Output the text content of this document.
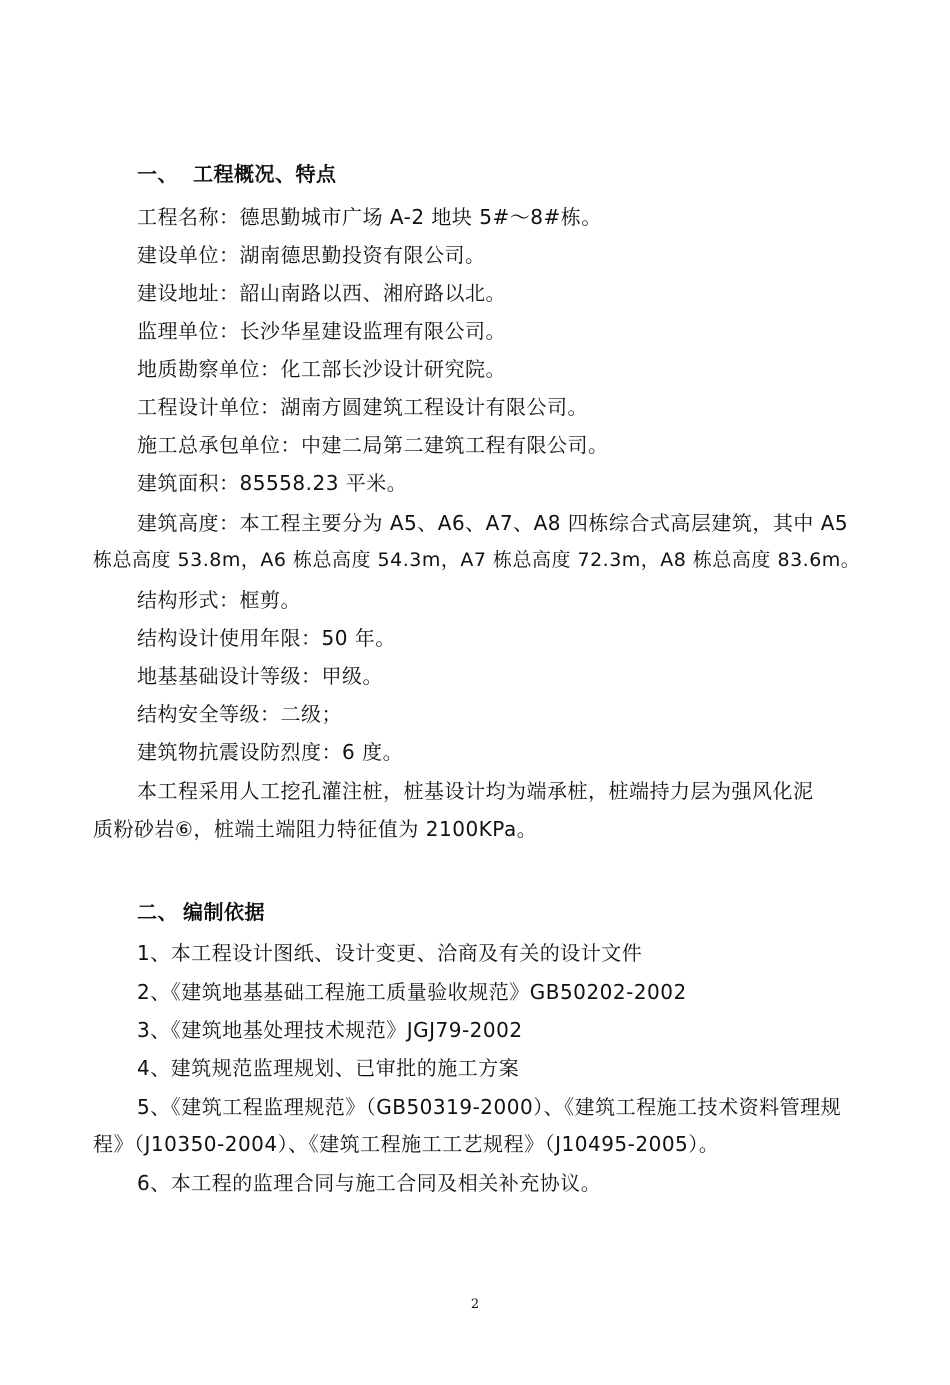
一、 工程概况、特点
工程名称：德思勤城市广场 A-2 地块 5#～8#栋。
建设单位：湖南德思勤投资有限公司。
建设地址：韶山南路以西、湘府路以北。
监理单位：长沙华星建设监理有限公司。
地质勘察单位：化工部长沙设计研究院。
工程设计单位：湖南方圆建筑工程设计有限公司。
施工总承包单位：中建二局第二建筑工程有限公司。
建筑面积：85558.23 平米。
建筑高度：本工程主要分为 A5、A6、A7、A8 四栋综合式高层建筑，其中 A5
栋总高度 53.8m，A6 栋总高度 54.3m，A7 栋总高度 72.3m，A8 栋总高度 83.6m。
结构形式：框剪。
结构设计使用年限：50 年。
地基基础设计等级：甲级。
结构安全等级：二级；
建筑物抗震设防烈度：6 度。
本工程采用人工挖孔灌注桩，桩基设计均为端承桩，桩端持力层为强风化泥
质粉砂岩⑥，桩端土端阻力特征值为 2100KPa。
二、 编制依据
1、本工程设计图纸、设计变更、洽商及有关的设计文件
2、《建筑地基基础工程施工质量验收规范》GB50202-2002
3、《建筑地基处理技术规范》JGJ79-2002
4、建筑规范监理规划、已审批的施工方案
5、《建筑工程监理规范》（GB50319-2000）、《建筑工程施工技术资料管理规
程》（J10350-2004）、《建筑工程施工工艺规程》（J10495-2005）。
6、本工程的监理合同与施工合同及相关补充协议。
2
